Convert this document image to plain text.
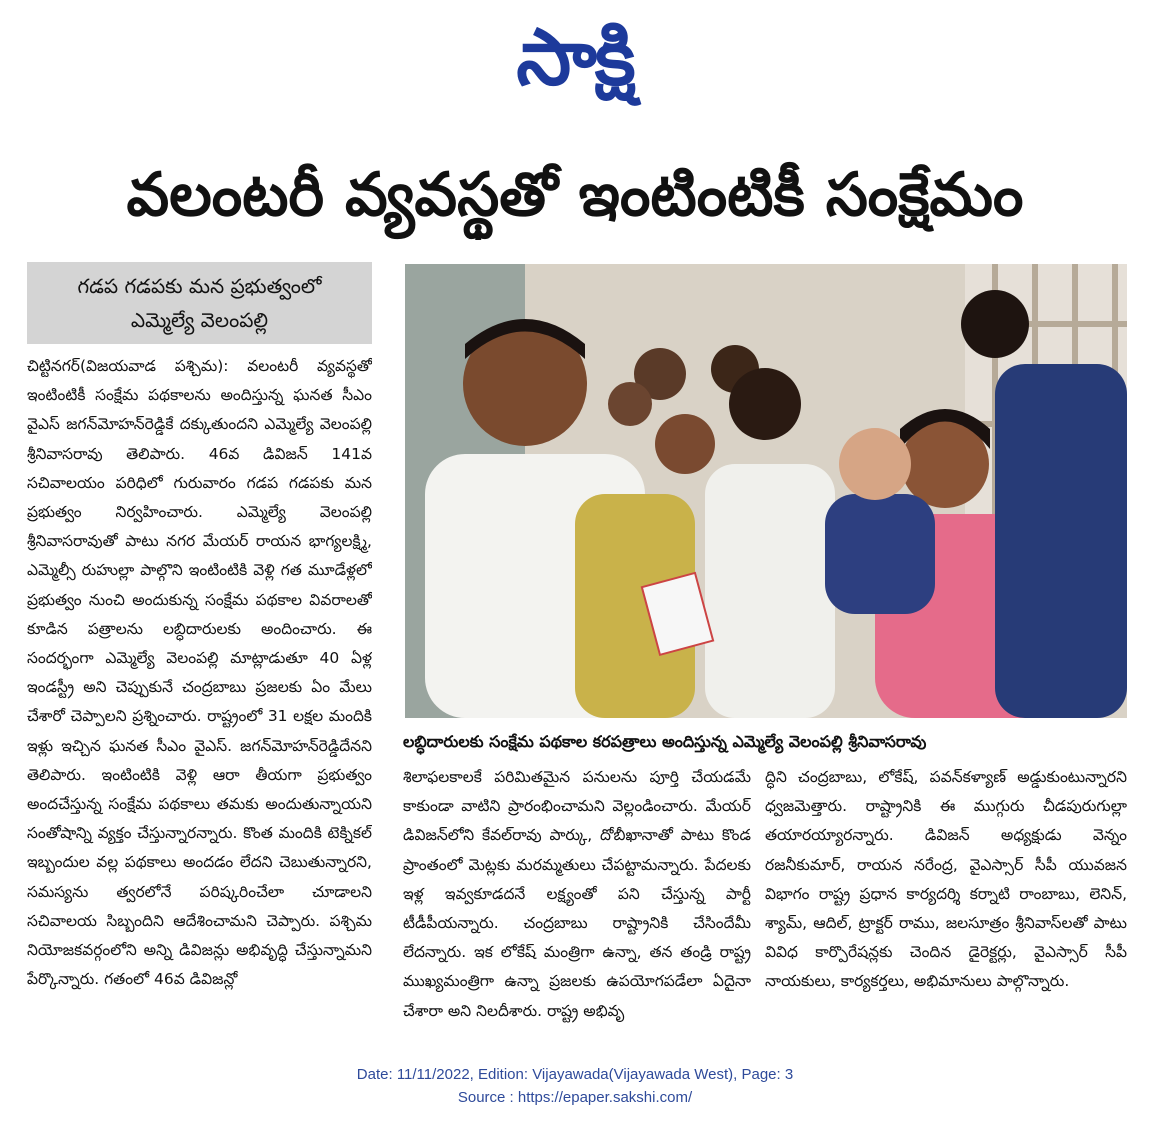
సాక్షి
వలంటరీ వ్యవస్థతో ఇంటింటికీ సంక్షేమం
గడప గడపకు మన ప్రభుత్వంలో
ఎమ్మెల్యే వెలంపల్లి
చిట్టినగర్(విజయవాడ పశ్చిమ): వలంటరీ వ్యవస్థతో ఇంటింటికీ సంక్షేమ పథకాలను అందిస్తున్న ఘనత సీఎం వైఎస్ జగన్‌మోహన్‌రెడ్డికే దక్కుతుందని ఎమ్మెల్యే వెలంపల్లి శ్రీనివాసరావు తెలిపారు. 46వ డివిజన్ 141వ సచివాలయం పరిధిలో గురువారం గడప గడపకు మన ప్రభుత్వం నిర్వహించారు. ఎమ్మెల్యే వెలంపల్లి శ్రీనివాసరావుతో పాటు నగర మేయర్ రాయన భాగ్యలక్ష్మి, ఎమ్మెల్సీ రుహుల్లా పాల్గొని ఇంటింటికి వెళ్లి గత మూడేళ్లలో ప్రభుత్వం నుంచి అందుకున్న సంక్షేమ పథకాల వివరాలతో కూడిన పత్రాలను లబ్ధిదారులకు అందించారు. ఈ సందర్భంగా ఎమ్మెల్యే వెలంపల్లి మాట్లాడుతూ 40 ఏళ్ల ఇండస్ట్రీ అని చెప్పుకునే చంద్రబాబు ప్రజలకు ఏం మేలు చేశారో చెప్పాలని ప్రశ్నించారు. రాష్ట్రంలో 31 లక్షల మందికి ఇళ్లు ఇచ్చిన ఘనత సీఎం వైఎస్. జగన్‌మోహన్‌రెడ్డిదేనని తెలిపారు. ఇంటింటికి వెళ్లి ఆరా తీయగా ప్రభుత్వం అందచేస్తున్న సంక్షేమ పథకాలు తమకు అందుతున్నాయని సంతోషాన్ని వ్యక్తం చేస్తున్నారన్నారు. కొంత మందికి టెక్నికల్ ఇబ్బందుల వల్ల పథకాలు అందడం లేదని చెబుతున్నారని, సమస్యను త్వరలోనే పరిష్కరించేలా చూడాలని సచివాలయ సిబ్బందిని ఆదేశించామని చెప్పారు. పశ్చిమ నియోజకవర్గంలోని అన్ని డివిజన్లు అభివృద్ధి చేస్తున్నామని పేర్కొన్నారు. గతంలో 46వ డివిజన్లో
లబ్ధిదారులకు సంక్షేమ పథకాల కరపత్రాలు అందిస్తున్న ఎమ్మెల్యే వెలంపల్లి శ్రీనివాసరావు
శిలాఫలకాలకే పరిమితమైన పనులను పూర్తి చేయడమే కాకుండా వాటిని ప్రారంభించామని వెల్లండించారు. మేయర్ డివిజన్‌లోని కేవల్‌రావు పార్కు, దోబీఖానాతో పాటు కొండ ప్రాంతంలో మెట్లకు మరమ్మతులు చేపట్టామన్నారు. పేదలకు ఇళ్ల ఇవ్వకూడదనే లక్ష్యంతో పని చేస్తున్న పార్టీ టీడీపీయన్నారు. చంద్రబాబు రాష్ట్రానికి చేసిందేమీ లేదన్నారు. ఇక లోకేష్ మంత్రిగా ఉన్నా, తన తండ్రి రాష్ట్ర ముఖ్యమంత్రిగా ఉన్నా ప్రజలకు ఉపయోగపడేలా ఏదైనా చేశారా అని నిలదీశారు. రాష్ట్ర అభివృ
ద్ధిని చంద్రబాబు, లోకేష్, పవన్‌కళ్యాణ్ అడ్డుకుంటున్నారని ధ్వజమెత్తారు. రాష్ట్రానికి ఈ ముగ్గురు చీడపురుగుల్లా తయారయ్యారన్నారు. డివిజన్ అధ్యక్షుడు వెన్నం రజనీకుమార్, రాయన నరేంద్ర, వైఎస్సార్ సీపీ యువజన విభాగం రాష్ట్ర ప్రధాన కార్యదర్శి కర్నాటి రాంబాబు, లెనిన్, శ్యామ్, ఆదిల్, ట్రాక్టర్ రాము, జలసూత్రం శ్రీనివాస్‌లతో పాటు వివిధ కార్పొరేషన్లకు చెందిన డైరెక్టర్లు, వైఎస్సార్ సీపీ నాయకులు, కార్యకర్తలు, అభిమానులు పాల్గొన్నారు.
Date: 11/11/2022, Edition: Vijayawada(Vijayawada West), Page: 3
Source : https://epaper.sakshi.com/
